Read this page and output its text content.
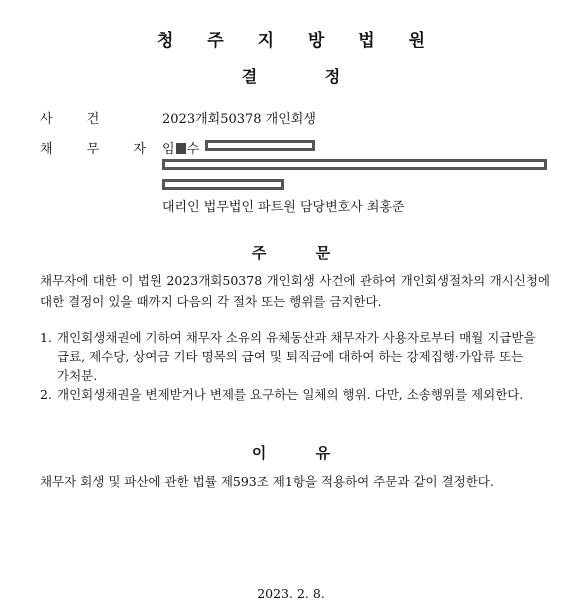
청 주 지 방 법 원
결 정
사 건	2023개회50378 개인회생
채 무 자 임 수
대리인 법무법인 파트원 담당변호사 최홍준
주 문
채무자에 대한 이 법원 2023개회50378 개인회생 사건에 관하여 개인회생절차의 개시신청에 대한 결정이 있을 때까지 다음의 각 절차 또는 행위를 금지한다.
1. 개인회생채권에 기하여 채무자 소유의 유체동산과 채무자가 사용자로부터 매월 지급받을 급료, 제수당, 상여금 기타 명목의 급여 및 퇴직금에 대하여 하는 강제집행·가압류 또는 가처분.
2. 개인회생채권을 변제받거나 변제를 요구하는 일체의 행위. 다만, 소송행위를 제외한다.
이 유
채무자 회생 및 파산에 관한 법률 제593조 제1항을 적용하여 주문과 같이 결정한다.
2023. 2. 8.
